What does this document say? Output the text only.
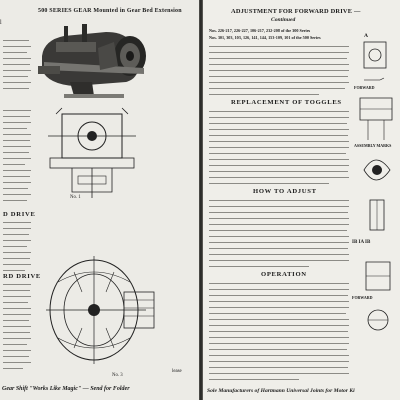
500 SERIES GEAR Mounted in Gear Bed Extension
l
No. 1
D DRIVE
RD DRIVE
No. 3
Gear Shift "Works Like Magic" — Send for Folder
lease
ADJUSTMENT FOR FORWARD DRIVE —
Continued
Nos. 226-217, 226-227, 106-217, 232-208 of the 300 Series
Nos. 301, 303, 103, 126, 141, 144, 153-109, 101 of the 500 Series
REPLACEMENT OF TOGGLES
HOW TO ADJUST
OPERATION
Sole Manufacturers of Hartmann Universal Joints for Motor Ki
A
FORWARD
ASSEMBLY MARKS
IB IA IB
FORWARD
